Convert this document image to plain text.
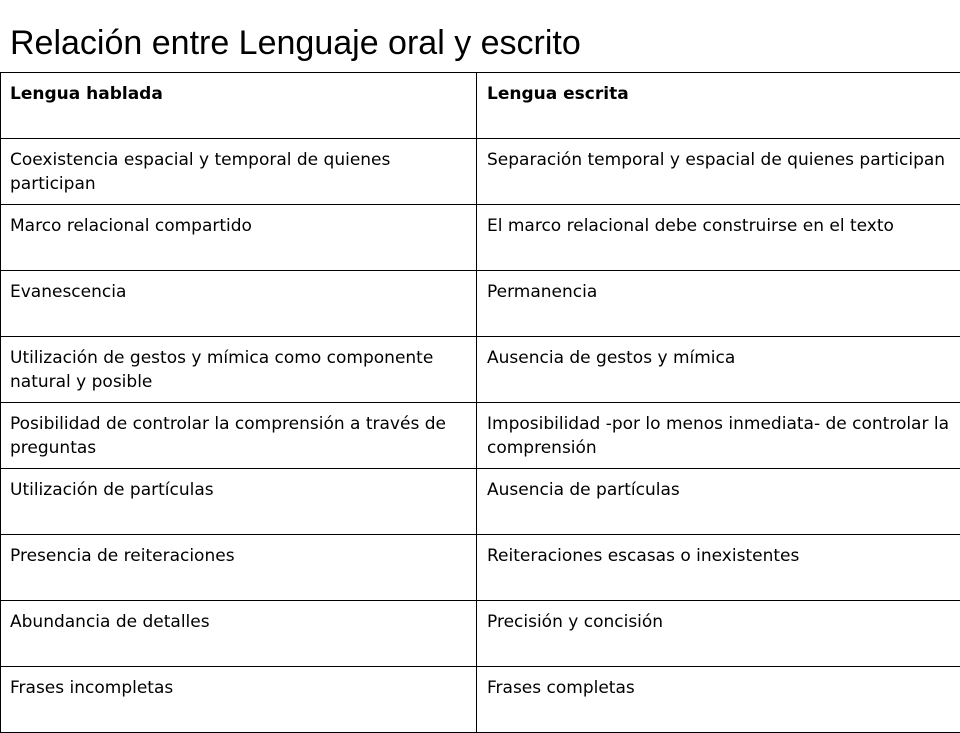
Relación entre Lenguaje oral y escrito
Lengua hablada	Lengua escrita
Coexistencia espacial y temporal de quienes participan	Separación temporal y espacial de quienes participan
Marco relacional compartido	El marco relacional debe construirse en el texto
Evanescencia	Permanencia
Utilización de gestos y mímica como componente natural y posible	Ausencia de gestos y mímica
Posibilidad de controlar la comprensión a través de preguntas	Imposibilidad -por lo menos inmediata- de controlar la comprensión
Utilización de partículas	Ausencia de partículas
Presencia de reiteraciones	Reiteraciones escasas o inexistentes
Abundancia de detalles	Precisión y concisión
Frases incompletas	Frases completas
